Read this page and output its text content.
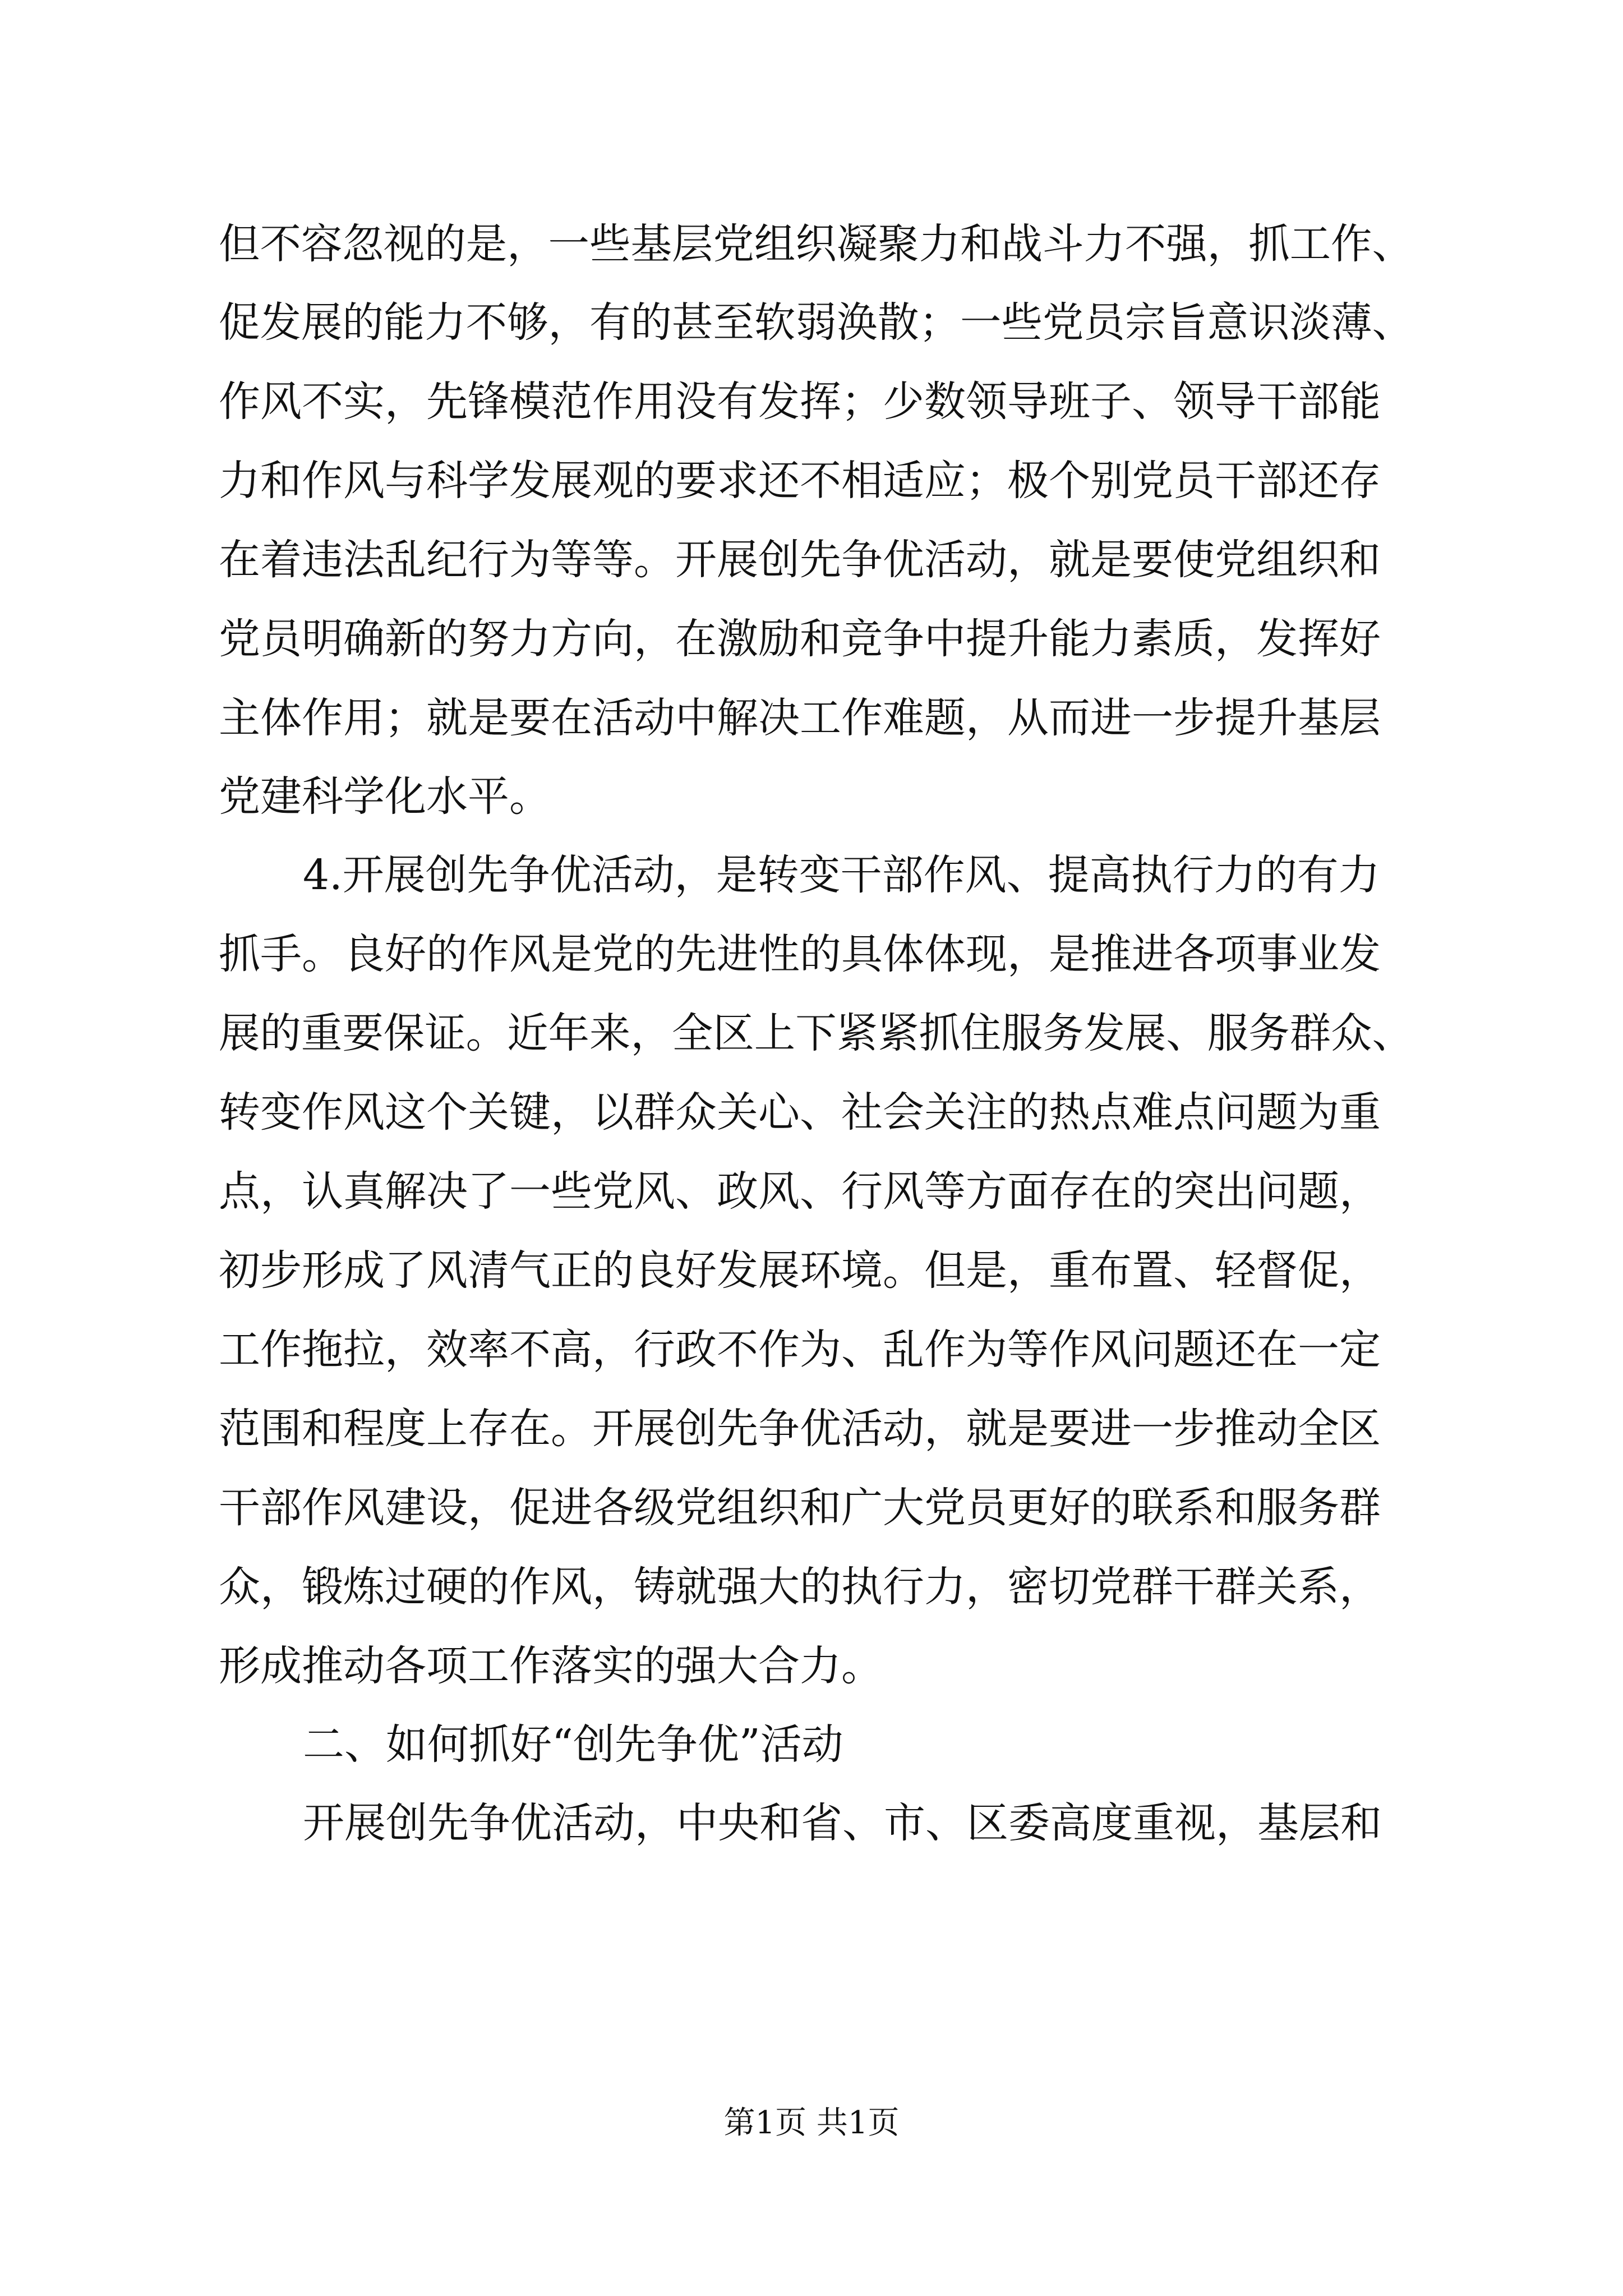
但不容忽视的是，一些基层党组织凝聚力和战斗力不强，抓工作、

促发展的能力不够，有的甚至软弱涣散；一些党员宗旨意识淡薄、

作风不实，先锋模范作用没有发挥；少数领导班子、领导干部能

力和作风与科学发展观的要求还不相适应；极个别党员干部还存

在着违法乱纪行为等等。开展创先争优活动，就是要使党组织和

党员明确新的努力方向，在激励和竞争中提升能力素质，发挥好

主体作用；就是要在活动中解决工作难题，从而进一步提升基层

党建科学化水平。

4.开展创先争优活动，是转变干部作风、提高执行力的有力

抓手。良好的作风是党的先进性的具体体现，是推进各项事业发

展的重要保证。近年来，全区上下紧紧抓住服务发展、服务群众、

转变作风这个关键，以群众关心、社会关注的热点难点问题为重

点，认真解决了一些党风、政风、行风等方面存在的突出问题，

初步形成了风清气正的良好发展环境。但是，重布置、轻督促，

工作拖拉，效率不高，行政不作为、乱作为等作风问题还在一定

范围和程度上存在。开展创先争优活动，就是要进一步推动全区

干部作风建设，促进各级党组织和广大党员更好的联系和服务群

众，锻炼过硬的作风，铸就强大的执行力，密切党群干群关系，

形成推动各项工作落实的强大合力。

二、如何抓好“创先争优”活动

开展创先争优活动，中央和省、市、区委高度重视，基层和

第1页 共1页
